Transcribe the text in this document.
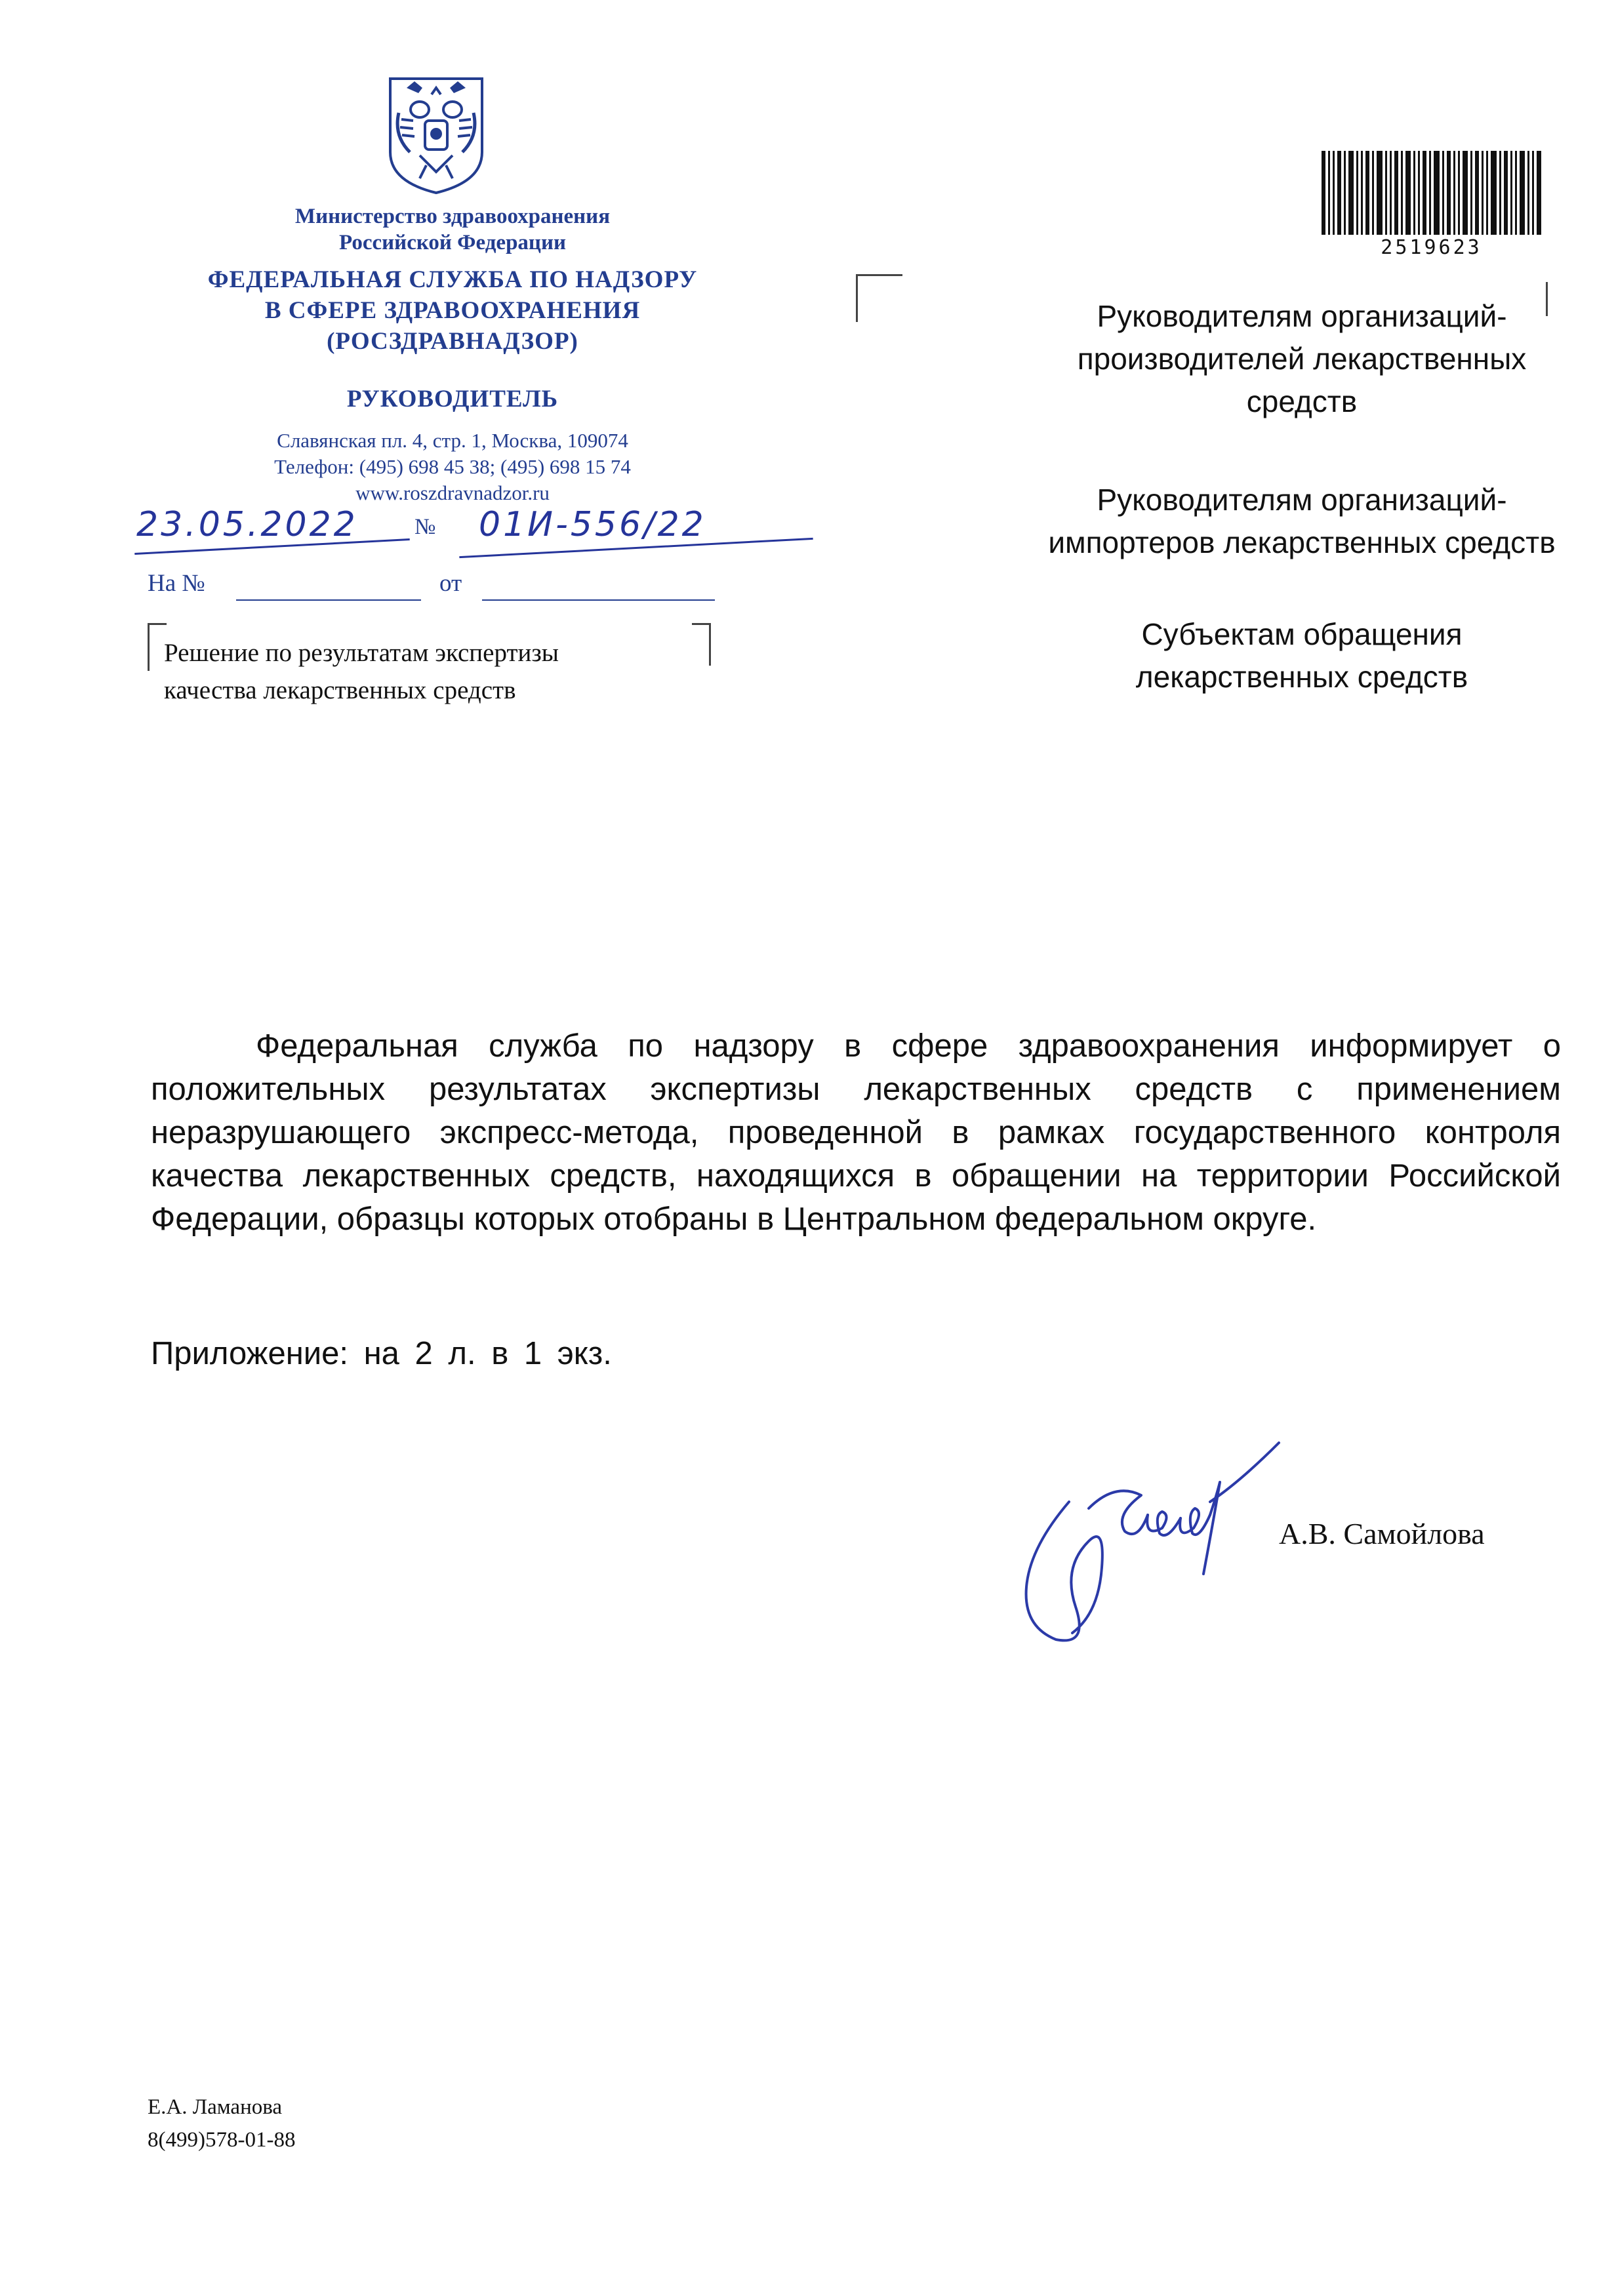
Министерство здравоохранения
Российской Федерации
ФЕДЕРАЛЬНАЯ СЛУЖБА ПО НАДЗОРУ
В СФЕРЕ ЗДРАВООХРАНЕНИЯ
(РОСЗДРАВНАДЗОР)
РУКОВОДИТЕЛЬ
Славянская пл. 4, стр. 1, Москва, 109074
Телефон: (495) 698 45 38; (495) 698 15 74
www.roszdravnadzor.ru
23.05.2022	№ 01И-556/22
На №	от
Решение по результатам экспертизы
качества лекарственных средств
2519623
Руководителям организаций-
производителей лекарственных
средств
Руководителям организаций-
импортеров лекарственных средств
Субъектам обращения
лекарственных средств
Федеральная служба по надзору в сфере здравоохранения информирует о положительных результатах экспертизы лекарственных средств с применением неразрушающего экспресс-метода, проведенной в рамках государственного контроля качества лекарственных средств, находящихся в обращении на территории Российской Федерации, образцы которых отобраны в Центральном федеральном округе.
Приложение: на 2 л. в 1 экз.
А.В. Самойлова
Е.А. Ламанова
8(499)578-01-88
